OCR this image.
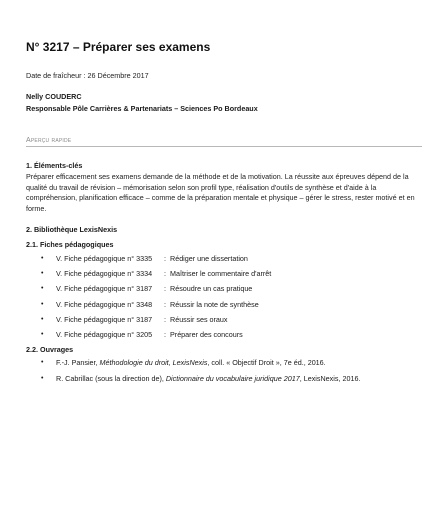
N° 3217 – Préparer ses examens
Date de fraîcheur : 26 Décembre 2017
Nelly COUDERC
Responsable Pôle Carrières & Partenariats – Sciences Po Bordeaux
Aperçu rapide
1. Éléments-clés
Préparer efficacement ses examens demande de la méthode et de la motivation. La réussite aux épreuves dépend de la qualité du travail de révision – mémorisation selon son profil type, réalisation d'outils de synthèse et d'aide à la compréhension, planification efficace – comme de la préparation mentale et physique – gérer le stress, rester motivé et en forme.
2. Bibliothèque LexisNexis
2.1. Fiches pédagogiques
• V. Fiche pédagogique n° 3335 : Rédiger une dissertation
• V. Fiche pédagogique n° 3334 : Maîtriser le commentaire d'arrêt
• V. Fiche pédagogique n° 3187 : Résoudre un cas pratique
• V. Fiche pédagogique n° 3348 : Réussir la note de synthèse
• V. Fiche pédagogique n° 3187 : Réussir ses oraux
• V. Fiche pédagogique n° 3205 : Préparer des concours
2.2. Ouvrages
• F.-J. Pansier, Méthodologie du droit, LexisNexis, coll. « Objectif Droit », 7e éd., 2016.
• R. Cabrillac (sous la direction de), Dictionnaire du vocabulaire juridique 2017, LexisNexis, 2016.
